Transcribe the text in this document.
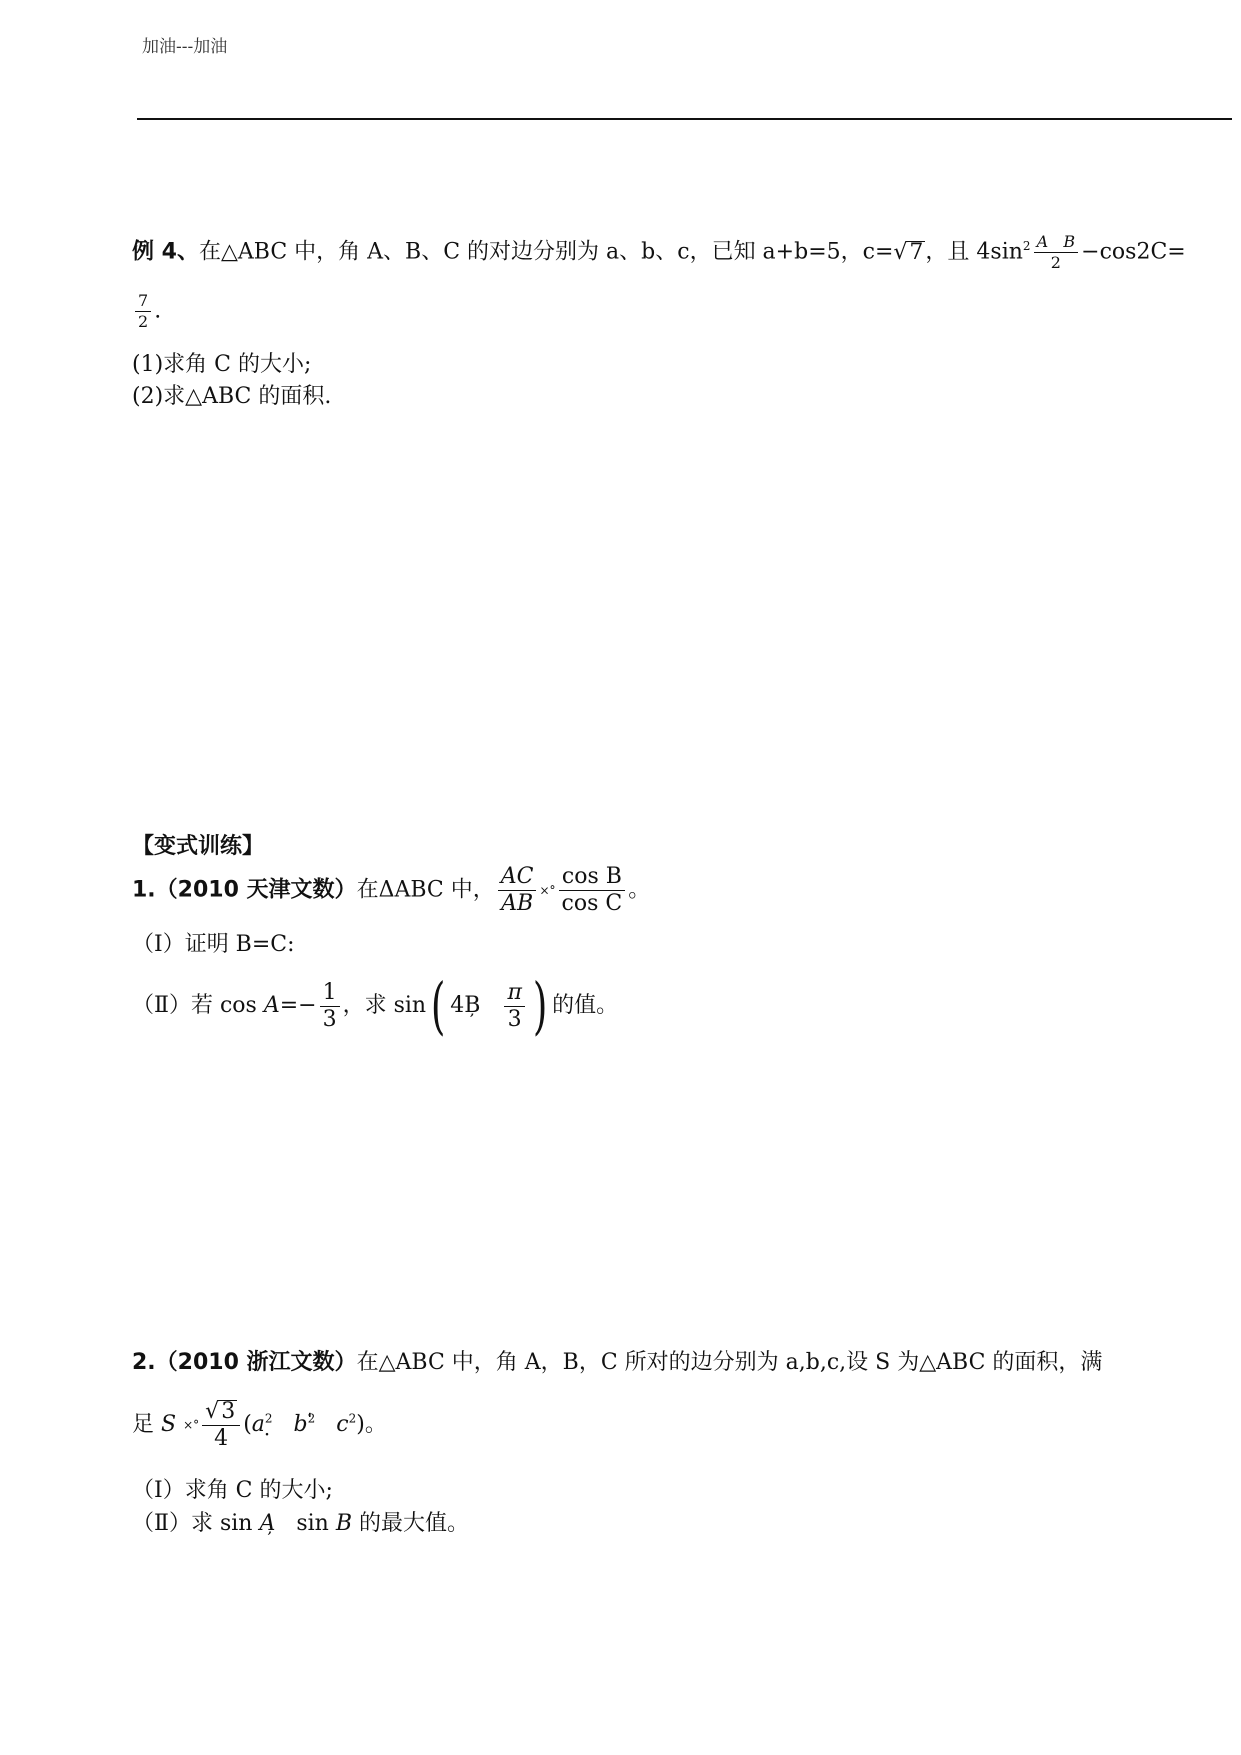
加油---加油
例 4、在△ABC 中，角 A、B、C 的对边分别为 a、b、c，已知 a+b=5，c=√7，且 $4\sin^2 \frac{\text{A B}}{2} -\cos 2C=$
$\frac{7}{2}$ .
(1)求角 C 的大小;
(2)求△ABC 的面积.
【变式训练】
1.（2010 天津文数）在ΔABC 中， $\frac{AC}{AB}$ ×° $\frac{\text{cos B}}{\text{cos C}}$ 。
（Ⅰ）证明 B=C:
（Ⅱ）若 $\cos A=- \frac{1}{3}$ ，求 sin( $4B \frac{\pi}{3}$ ) 的值。
2.（2010 浙江文数）在△ABC 中，角 A，B，C 所对的边分别为 a,b,c,设 S 为△ABC 的面积，满
足 S ×° $\frac{√3}{4} (a^2$ $b^2$ $c^2$)。
（Ⅰ）求角 C 的大小;
（Ⅱ）求 sin A sin B 的最大值。
